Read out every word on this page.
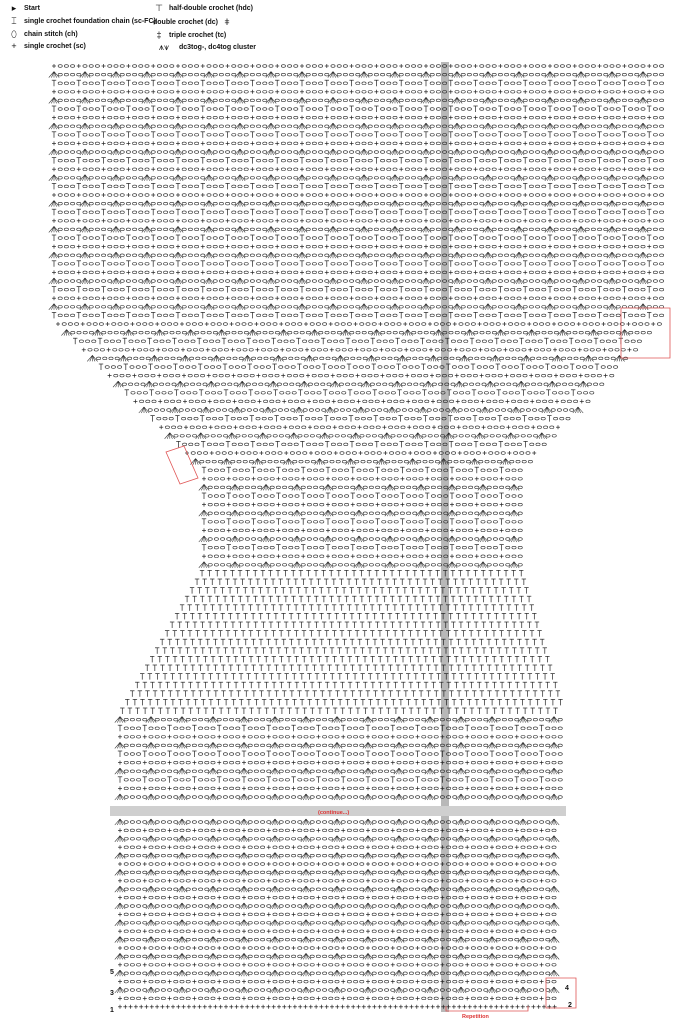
▸	Start
⌶	single crochet foundation chain (sc-FC)
⬯	chain stitch (ch)
+	single crochet (sc)
⊤ half-double crochet (hdc)
double crochet (dc) ǂ
‡	triple crochet (tc)
⩚⩛	dc3tog-, dc4tog cluster
(continue...)
Repetition
1
2
3
4
5
